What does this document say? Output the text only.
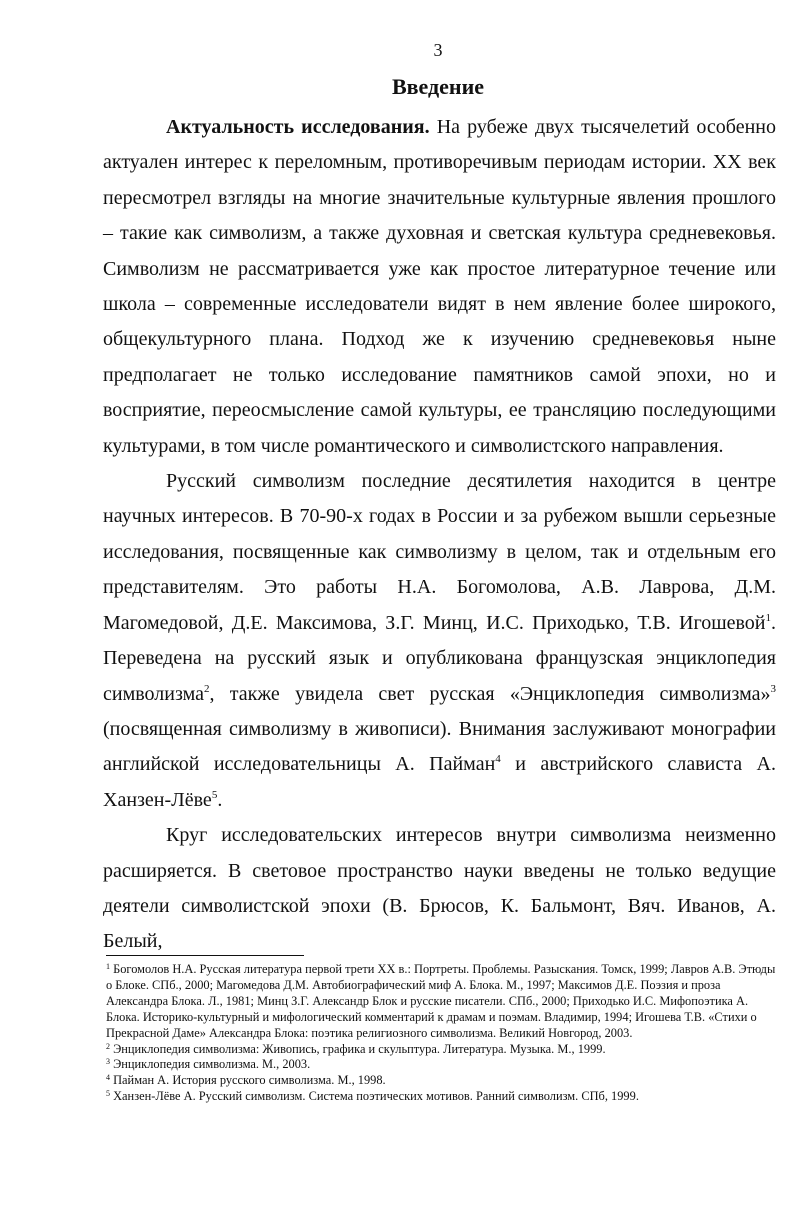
3
Введение

Актуальность исследования. На рубеже двух тысячелетий особенно актуален интерес к переломным, противоречивым периодам истории. XX век пересмотрел взгляды на многие значительные культурные явления прошлого – такие как символизм, а также духовная и светская культура средневековья. Символизм не рассматривается уже как простое литературное течение или школа – современные исследователи видят в нем явление более широкого, общекультурного плана. Подход же к изучению средневековья ныне предполагает не только исследование памятников самой эпохи, но и восприятие, переосмысление самой культуры, ее трансляцию последующими культурами, в том числе романтического и символистского направления.

Русский символизм последние десятилетия находится в центре научных интересов. В 70-90-х годах в России и за рубежом вышли серьезные исследования, посвященные как символизму в целом, так и отдельным его представителям. Это работы Н.А. Богомолова, А.В. Лаврова, Д.М. Магомедовой, Д.Е. Максимова, З.Г. Минц, И.С. Приходько, Т.В. Игошевой$^1$. Переведена на русский язык и опубликована французская энциклопедия символизма$^2$, также увидела свет русская «Энциклопедия символизма»$^3$ (посвященная символизму в живописи). Внимания заслуживают монографии английской исследовательницы А. Пайман$^4$ и австрийского слависта А. Ханзен-Лёве$^5$.

Круг исследовательских интересов внутри символизма неизменно расширяется. В световое пространство науки введены не только ведущие деятели символистской эпохи (В. Брюсов, К. Бальмонт, Вяч. Иванов, А. Белый,

$^1$ Богомолов Н.А. Русская литература первой трети XX в.: Портреты. Проблемы. Разыскания. Томск, 1999; Лавров А.В. Этюды о Блоке. СПб., 2000; Магомедова Д.М. Автобиографический миф А. Блока. М., 1997; Максимов Д.Е. Поэзия и проза Александра Блока. Л., 1981; Минц З.Г. Александр Блок и русские писатели. СПб., 2000; Приходько И.С. Мифопоэтика А. Блока. Историко-культурный и мифологический комментарий к драмам и поэмам. Владимир, 1994; Игошева Т.В. «Стихи о Прекрасной Даме» Александра Блока: поэтика религиозного символизма. Великий Новгород, 2003.

$^2$ Энциклопедия символизма: Живопись, графика и скульптура. Литература. Музыка. М., 1999.

$^3$ Энциклопедия символизма. М., 2003.

$^4$ Пайман А. История русского символизма. М., 1998.

$^5$ Ханзен-Лёве А. Русский символизм. Система поэтических мотивов. Ранний символизм. СПб, 1999.
